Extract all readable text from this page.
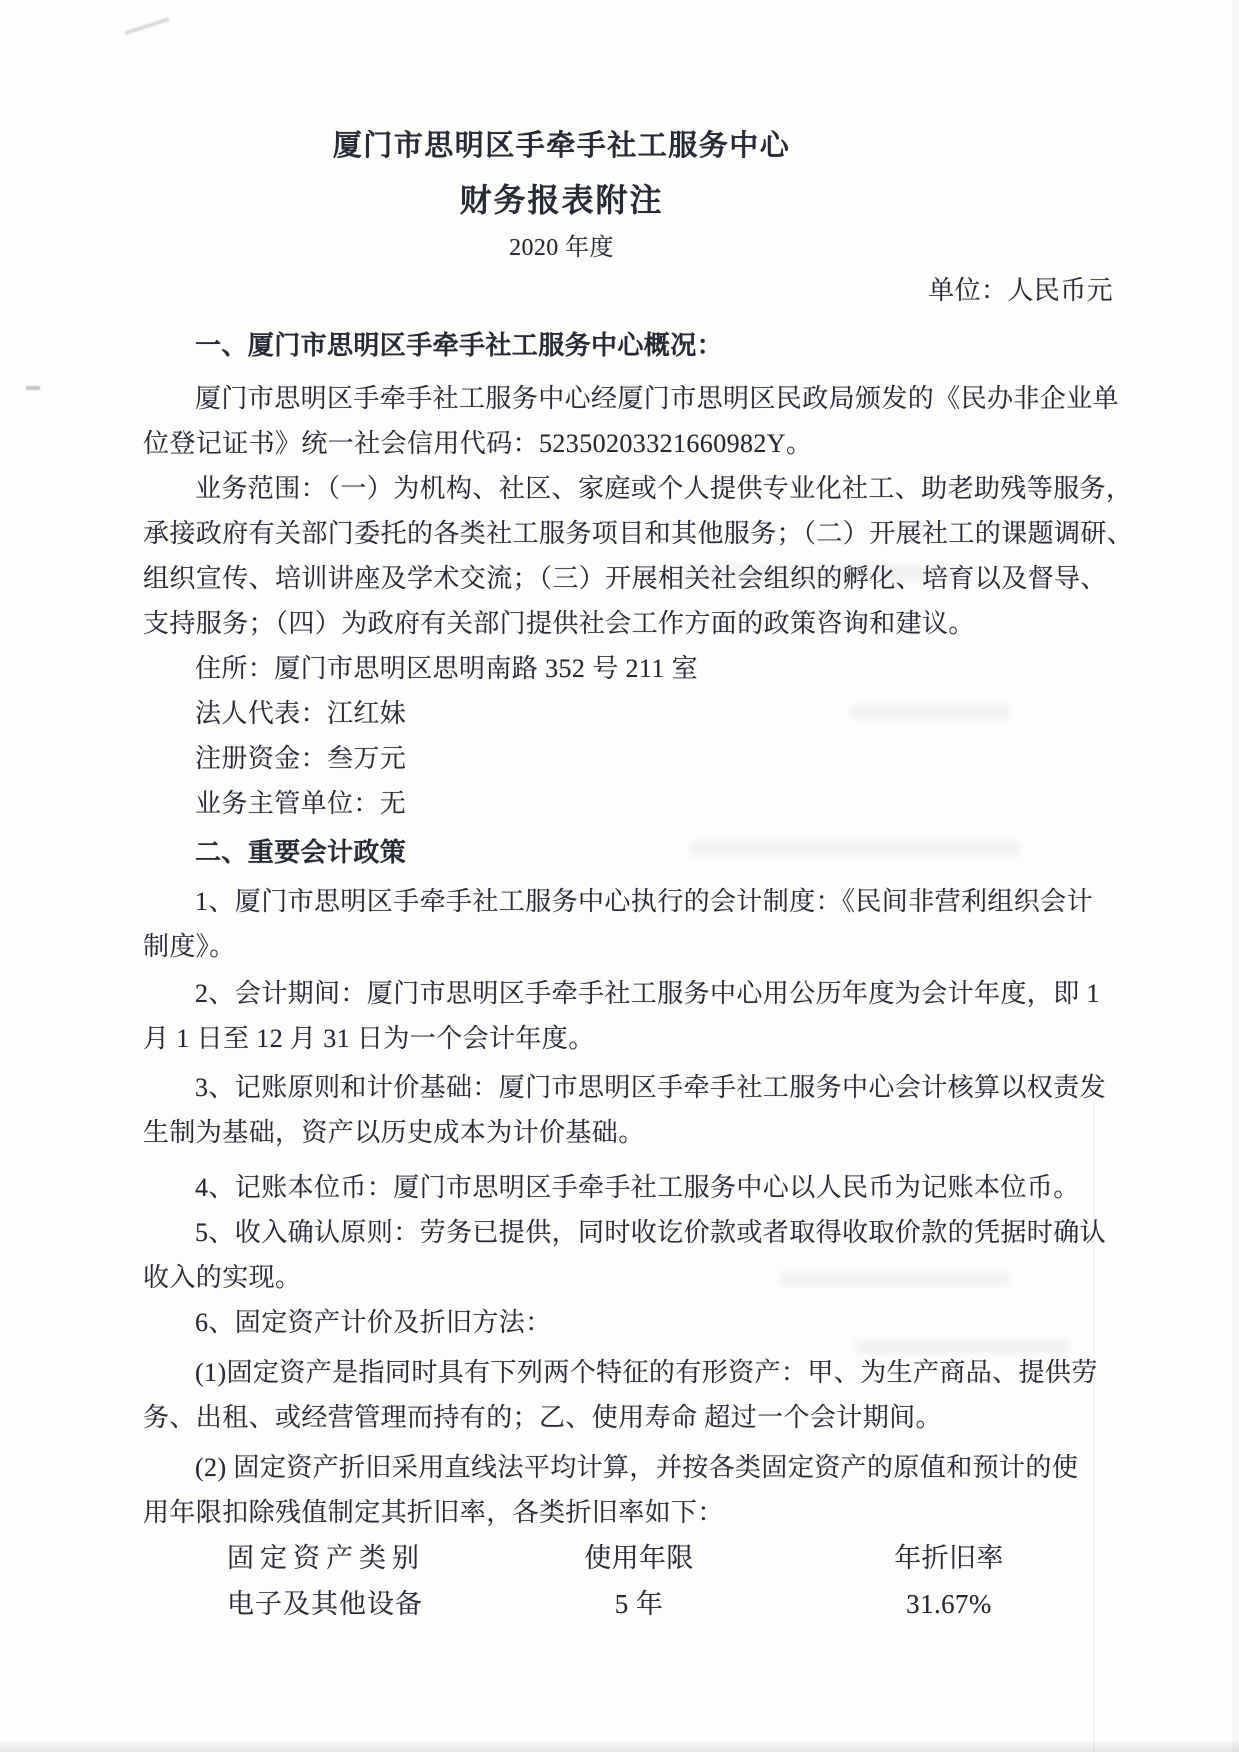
厦门市思明区手牵手社工服务中心
财务报表附注
2020 年度
单位：人民币元
一、厦门市思明区手牵手社工服务中心概况：
厦门市思明区手牵手社工服务中心经厦门市思明区民政局颁发的《民办非企业单
位登记证书》统一社会信用代码：52350203321660982Y。
业务范围：（一）为机构、社区、家庭或个人提供专业化社工、助老助残等服务，
承接政府有关部门委托的各类社工服务项目和其他服务；（二）开展社工的课题调研、
组织宣传、培训讲座及学术交流；（三）开展相关社会组织的孵化、培育以及督导、
支持服务；（四）为政府有关部门提供社会工作方面的政策咨询和建议。
住所：厦门市思明区思明南路 352 号 211 室
法人代表：江红妹
注册资金：叁万元
业务主管单位：无
二、重要会计政策
1、厦门市思明区手牵手社工服务中心执行的会计制度：《民间非营利组织会计
制度》。
2、会计期间：厦门市思明区手牵手社工服务中心用公历年度为会计年度，即 1
月 1 日至 12 月 31 日为一个会计年度。
3、记账原则和计价基础：厦门市思明区手牵手社工服务中心会计核算以权责发
生制为基础，资产以历史成本为计价基础。
4、记账本位币：厦门市思明区手牵手社工服务中心以人民币为记账本位币。
5、收入确认原则：劳务已提供，同时收讫价款或者取得收取价款的凭据时确认
收入的实现。
6、固定资产计价及折旧方法：
(1)固定资产是指同时具有下列两个特征的有形资产：甲、为生产商品、提供劳
务、出租、或经营管理而持有的；乙、使用寿命 超过一个会计期间。
(2) 固定资产折旧采用直线法平均计算，并按各类固定资产的原值和预计的使
用年限扣除残值制定其折旧率，各类折旧率如下：
固定资产类别	使用年限	年折旧率
电子及其他设备	5 年	31.67%
